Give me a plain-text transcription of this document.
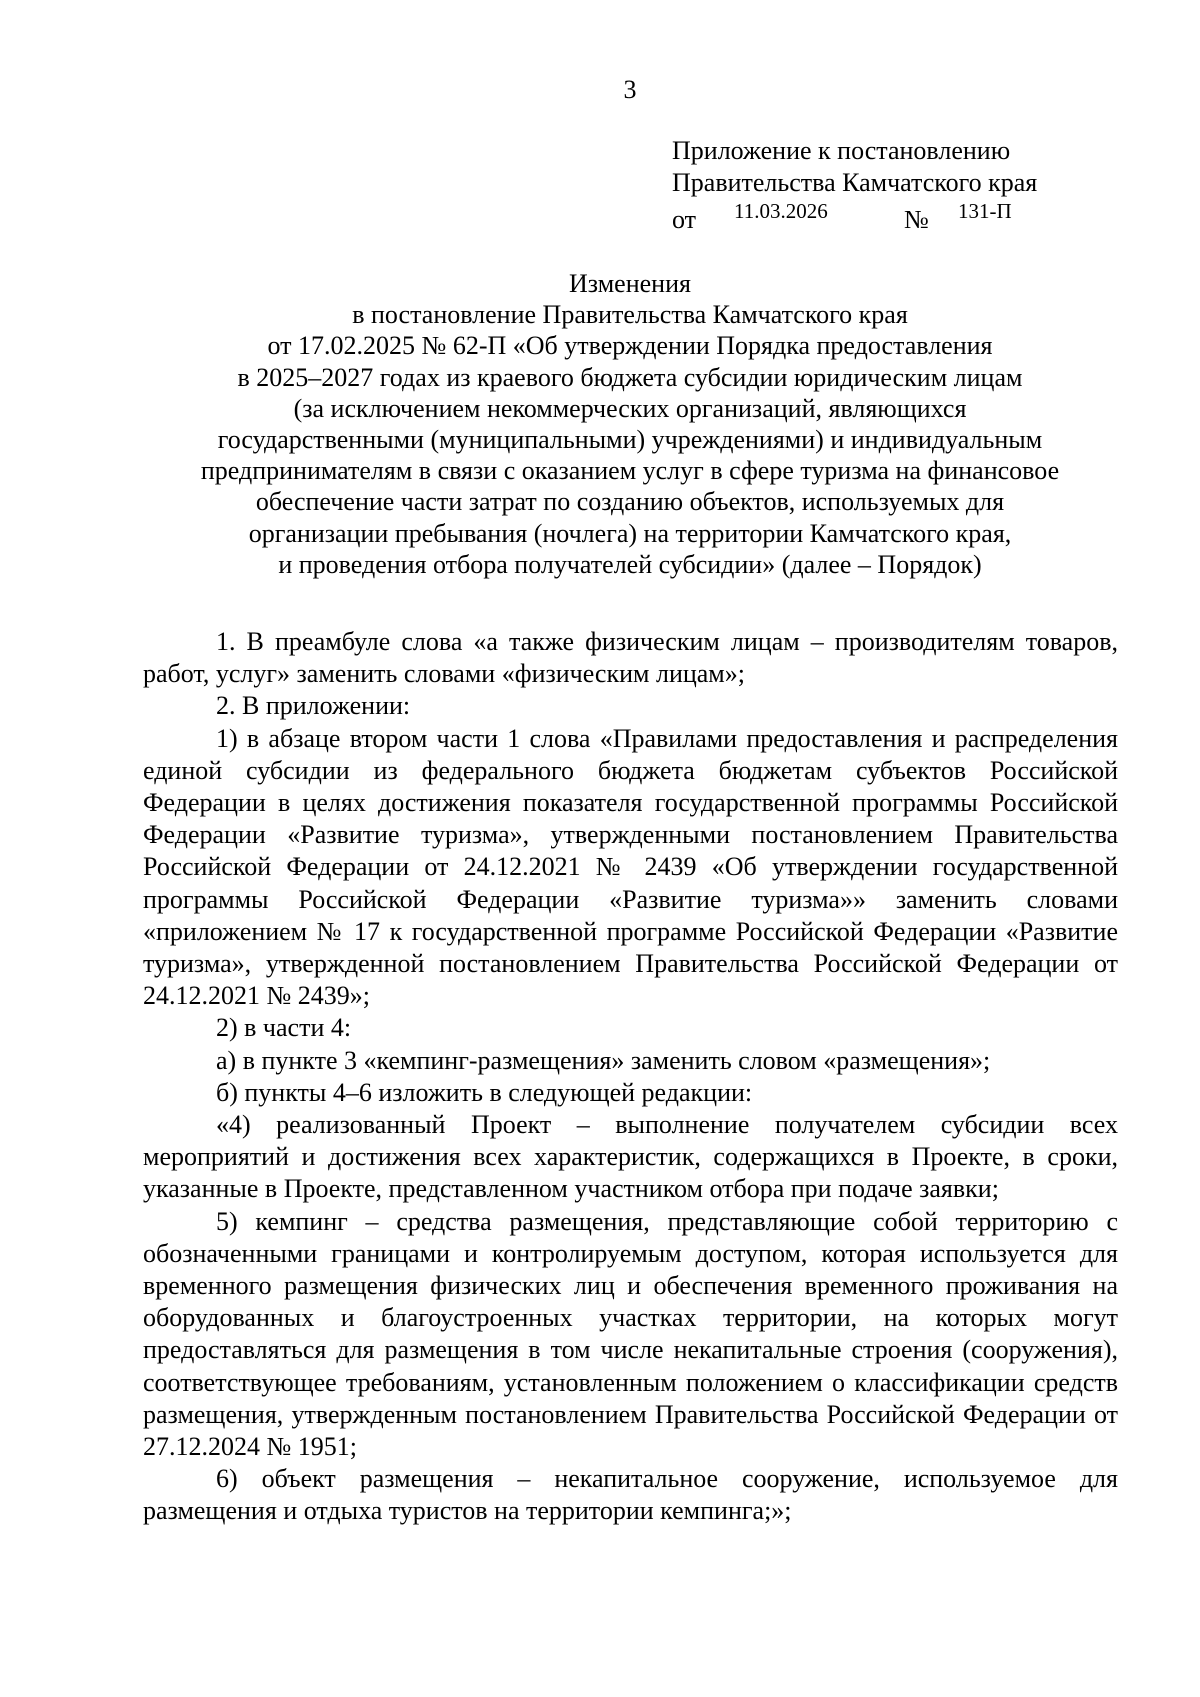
3
Приложение к постановлению
Правительства Камчатского края
от 11.03.2026	№ 131-П
Изменения
в постановление Правительства Камчатского края
от 17.02.2025 № 62-П «Об утверждении Порядка предоставления
в 2025–2027 годах из краевого бюджета субсидии юридическим лицам
(за исключением некоммерческих организаций, являющихся
государственными (муниципальными) учреждениями) и индивидуальным
предпринимателям в связи с оказанием услуг в сфере туризма на финансовое
обеспечение части затрат по созданию объектов, используемых для
организации пребывания (ночлега) на территории Камчатского края,
и проведения отбора получателей субсидии» (далее – Порядок)

1. В преамбуле слова «а также физическим лицам – производителям товаров, работ, услуг» заменить словами «физическим лицам»;

2. В приложении:

1) в абзаце втором части 1 слова «Правилами предоставления и распределения единой субсидии из федерального бюджета бюджетам субъектов Российской Федерации в целях достижения показателя государственной программы Российской Федерации «Развитие туризма», утвержденными постановлением Правительства Российской Федерации от 24.12.2021 № 2439 «Об утверждении государственной программы Российской Федерации «Развитие туризма»» заменить словами «приложением № 17 к государственной программе Российской Федерации «Развитие туризма», утвержденной постановлением Правительства Российской Федерации от 24.12.2021 № 2439»;

2) в части 4:

а) в пункте 3 «кемпинг-размещения» заменить словом «размещения»;

б) пункты 4–6 изложить в следующей редакции:

«4) реализованный Проект – выполнение получателем субсидии всех мероприятий и достижения всех характеристик, содержащихся в Проекте, в сроки, указанные в Проекте, представленном участником отбора при подаче заявки;

5) кемпинг – средства размещения, представляющие собой территорию с обозначенными границами и контролируемым доступом, которая используется для временного размещения физических лиц и обеспечения временного проживания на оборудованных и благоустроенных участках территории, на которых могут предоставляться для размещения в том числе некапитальные строения (сооружения), соответствующее требованиям, установленным положением о классификации средств размещения, утвержденным постановлением Правительства Российской Федерации от 27.12.2024 № 1951;

6) объект размещения – некапитальное сооружение, используемое для размещения и отдыха туристов на территории кемпинга;»;
